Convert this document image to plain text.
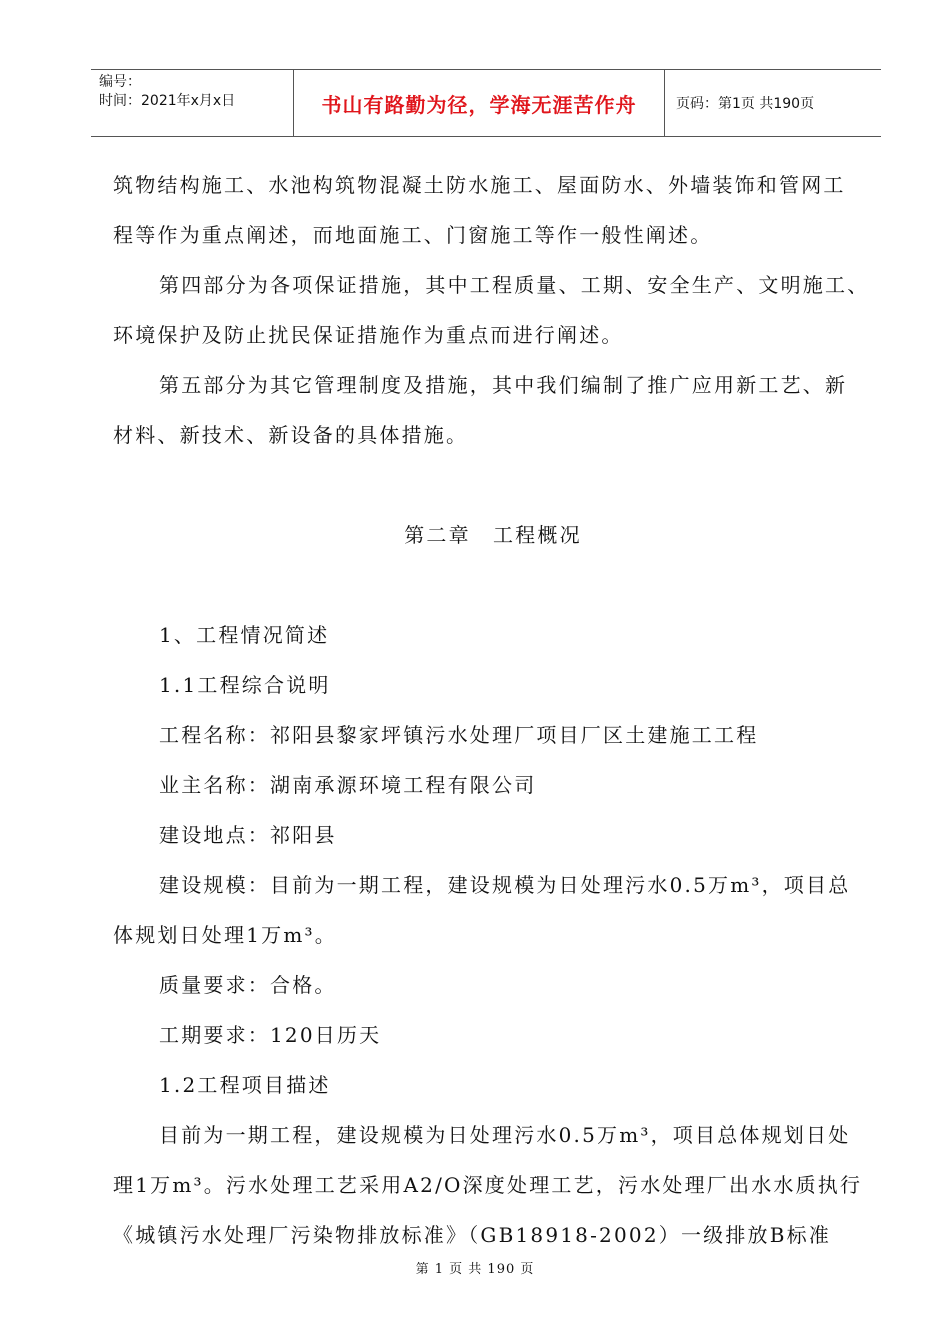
编号：
时间：2021年x月x日	书山有路勤为径，学海无涯苦作舟	页码：第1页 共190页

筑物结构施工、水池构筑物混凝土防水施工、屋面防水、外墙装饰和管网工

程等作为重点阐述，而地面施工、门窗施工等作一般性阐述。

第四部分为各项保证措施，其中工程质量、工期、安全生产、文明施工、

环境保护及防止扰民保证措施作为重点而进行阐述。

第五部分为其它管理制度及措施，其中我们编制了推广应用新工艺、新

材料、新技术、新设备的具体措施。

第二章　工程概况

1、工程情况简述

1.1工程综合说明

工程名称：祁阳县黎家坪镇污水处理厂项目厂区土建施工工程

业主名称：湖南承源环境工程有限公司

建设地点：祁阳县

建设规模：目前为一期工程，建设规模为日处理污水0.5万m³，项目总

体规划日处理1万m³。

质量要求：合格。

工期要求：120日历天

1.2工程项目描述

目前为一期工程，建设规模为日处理污水0.5万m³，项目总体规划日处

理1万m³。污水处理工艺采用A2/O深度处理工艺，污水处理厂出水水质执行

《城镇污水处理厂污染物排放标准》（GB18918-2002）一级排放B标准

第 1 页 共 190 页
